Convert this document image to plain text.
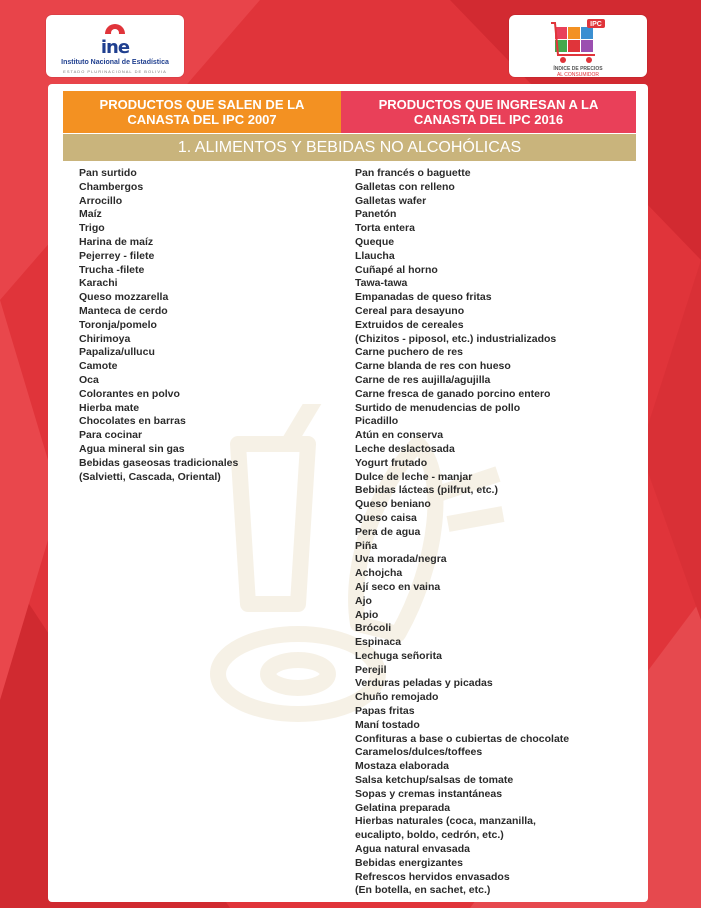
ine
Instituto Nacional de Estadística
ESTADO PLURINACIONAL DE BOLIVIA
IPC
ÍNDICE DE PRECIOS
AL CONSUMIDOR
PRODUCTOS QUE SALEN DE LA CANASTA DEL IPC 2007
PRODUCTOS QUE INGRESAN A LA CANASTA DEL IPC 2016
1. ALIMENTOS Y BEBIDAS NO ALCOHÓLICAS
Pan surtido
Chambergos
Arrocillo
Maíz
Trigo
Harina de maíz
Pejerrey - filete
Trucha -filete
Karachi
Queso mozzarella
Manteca de cerdo
Toronja/pomelo
Chirimoya
Papaliza/ullucu
Camote
Oca
Colorantes en polvo
Hierba mate
Chocolates en barras
Para cocinar
Agua mineral sin gas
Bebidas gaseosas tradicionales
(Salvietti, Cascada, Oriental)
Pan francés o baguette
Galletas con relleno
Galletas wafer
Panetón
Torta entera
Queque
Llaucha
Cuñapé al horno
Tawa-tawa
Empanadas de queso fritas
Cereal para desayuno
Extruidos de cereales
(Chizitos - piposol, etc.) industrializados
Carne puchero de res
Carne blanda de res con hueso
Carne de res aujilla/agujilla
Carne fresca de ganado porcino entero
Surtido de menudencias de pollo
Picadillo
Atún en conserva
Leche deslactosada
Yogurt frutado
Dulce de leche - manjar
Bebidas lácteas (pilfrut, etc.)
Queso beniano
Queso caisa
Pera de agua
Piña
Uva morada/negra
Achojcha
Ají seco en vaina
Ajo
Apio
Brócoli
Espinaca
Lechuga señorita
Perejil
Verduras peladas y picadas
Chuño remojado
Papas fritas
Maní tostado
Confituras a base o cubiertas de chocolate
Caramelos/dulces/toffees
Mostaza elaborada
Salsa ketchup/salsas de tomate
Sopas y cremas instantáneas
Gelatina preparada
Hierbas naturales (coca, manzanilla,
eucalipto, boldo, cedrón, etc.)
Agua natural envasada
Bebidas energizantes
Refrescos hervidos envasados
(En botella, en sachet, etc.)
